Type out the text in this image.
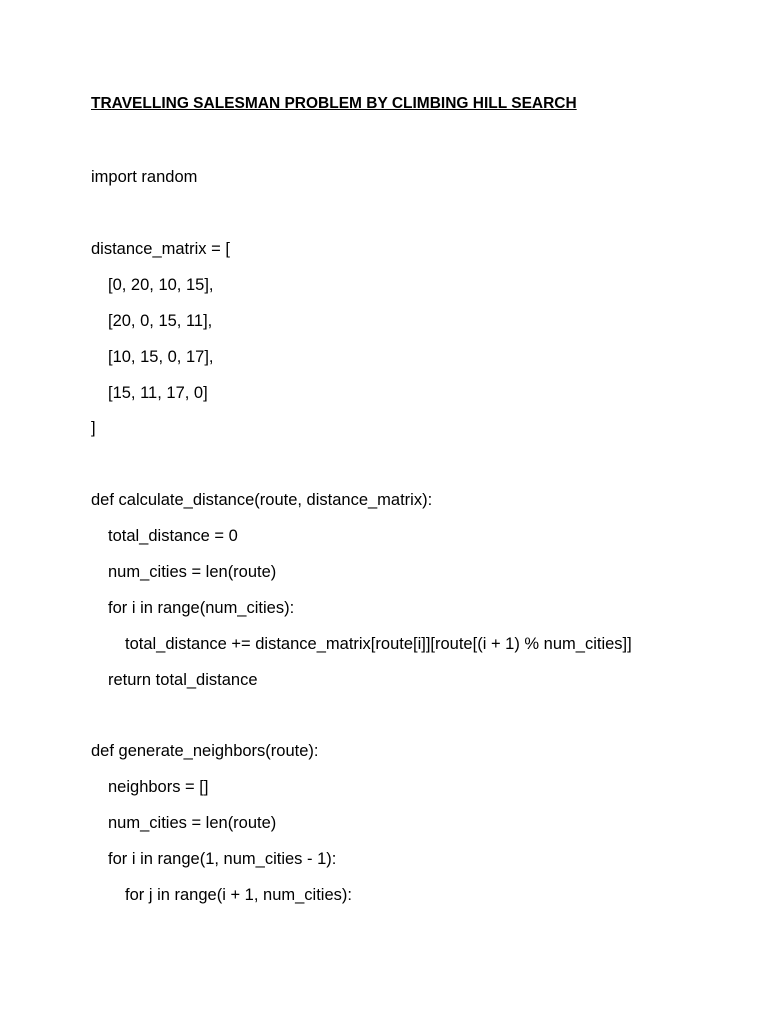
TRAVELLING SALESMAN PROBLEM BY CLIMBING HILL SEARCH
import random
distance_matrix = [
[0, 20, 10, 15],
[20, 0, 15, 11],
[10, 15, 0, 17],
[15, 11, 17, 0]
]
def calculate_distance(route, distance_matrix):
total_distance = 0
num_cities = len(route)
for i in range(num_cities):
total_distance += distance_matrix[route[i]][route[(i + 1) % num_cities]]
return total_distance
def generate_neighbors(route):
neighbors = []
num_cities = len(route)
for i in range(1, num_cities - 1):
for j in range(i + 1, num_cities):
